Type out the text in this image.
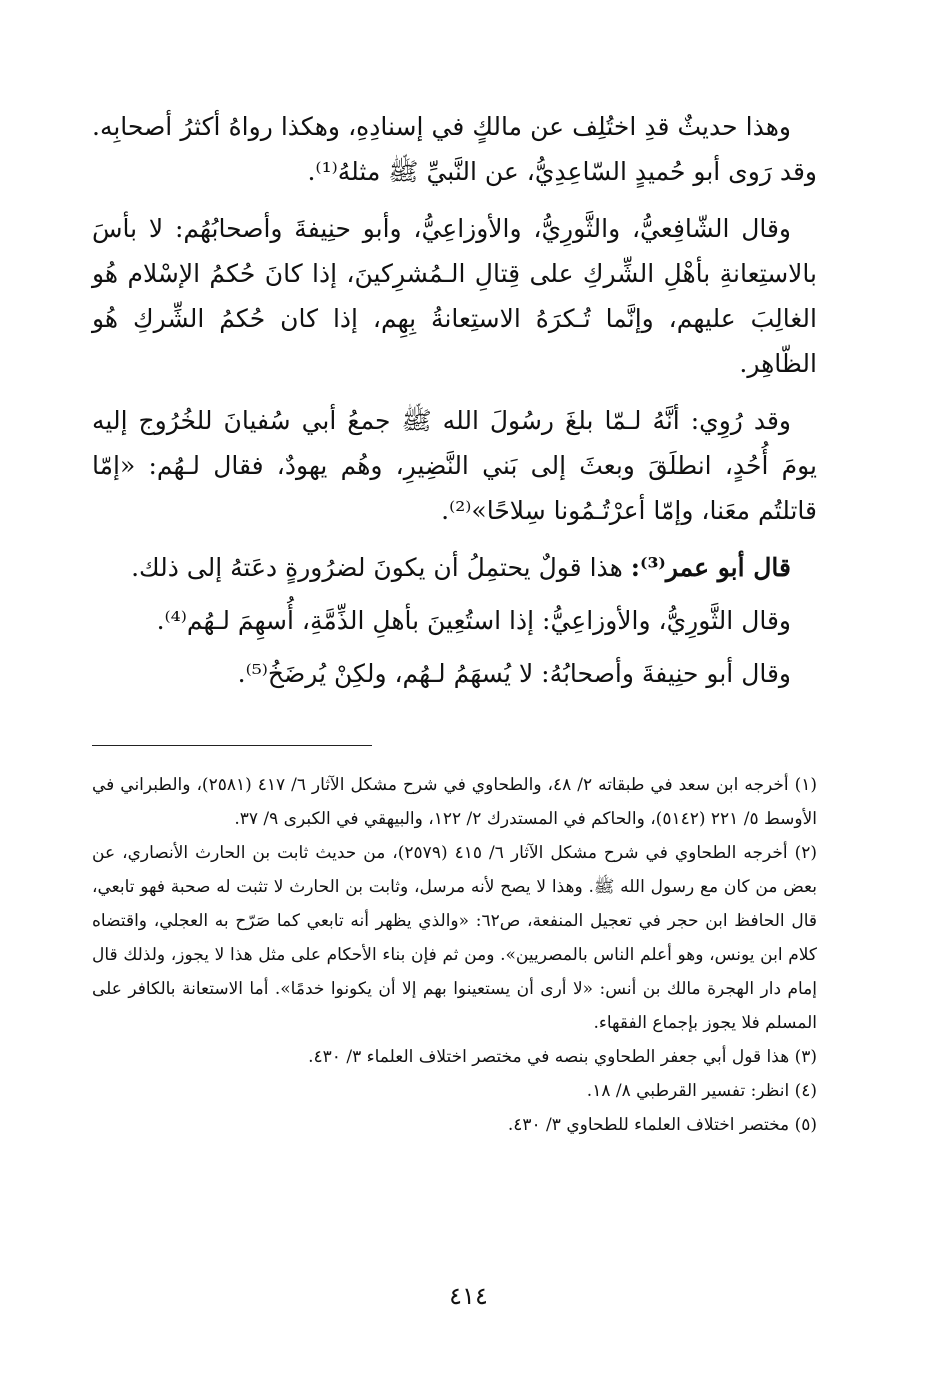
وهذا حديثٌ قدِ اختُلِف عن مالكٍ في إسنادِهِ، وهكذا رواهُ أكثرُ أصحابِه. وقد رَوى أبو حُميدٍ السّاعِدِيُّ، عن النَّبيِّ ﷺ مثلهُ⁽¹⁾.

وقال الشّافِعيُّ، والثَّورِيُّ، والأوزاعِيُّ، وأبو حنِيفةَ وأصحابُهُم: لا بأسَ بالاستِعانةِ بأهْلِ الشِّركِ على قِتالِ الـمُشرِكينَ، إذا كانَ حُكمُ الإسْلام هُو الغالِبَ عليهم، وإنَّما تُـكرَهُ الاستِعانةُ بِهِم، إذا كان حُكمُ الشِّركِ هُو الظّاهِر.

وقد رُوِي: أنَّهُ لـمّا بلغَ رسُولَ الله ﷺ جمعُ أبي سُفيانَ للخُرُوج إليه يومَ أُحُدٍ، انطلَقَ وبعثَ إلى بَني النَّضِيرِ، وهُم يهودٌ، فقال لـهُم: «إمّا قاتلتُم معَنا، وإمّا أعرْتُـمُونا سِلاحًا»⁽²⁾.

قال أبو عمر⁽³⁾: هذا قولٌ يحتمِلُ أن يكونَ لضرُورةٍ دعَتهُ إلى ذلك.

وقال الثَّورِيُّ، والأوزاعِيُّ: إذا استُعِينَ بأهلِ الذِّمَّةِ، أُسهِمَ لـهُم⁽⁴⁾.

وقال أبو حنِيفةَ وأصحابُهُ: لا يُسهَمُ لـهُم، ولكِنْ يُرضَخُ⁽⁵⁾.

(١) أخرجه ابن سعد في طبقاته ٢/ ٤٨، والطحاوي في شرح مشكل الآثار ٦/ ٤١٧ (٢٥٨١)، والطبراني في الأوسط ٥/ ٢٢١ (٥١٤٢)، والحاكم في المستدرك ٢/ ١٢٢، والبيهقي في الكبرى ٩/ ٣٧.

(٢) أخرجه الطحاوي في شرح مشكل الآثار ٦/ ٤١٥ (٢٥٧٩)، من حديث ثابت بن الحارث الأنصاري، عن بعض من كان مع رسول الله ﷺ. وهذا لا يصح لأنه مرسل، وثابت بن الحارث لا تثبت له صحبة فهو تابعي، قال الحافظ ابن حجر في تعجيل المنفعة، ص٦٢: «والذي يظهر أنه تابعي كما صَرّح به العجلي، واقتضاه كلام ابن يونس، وهو أعلم الناس بالمصريين». ومن ثم فإن بناء الأحكام على مثل هذا لا يجوز، ولذلك قال إمام دار الهجرة مالك بن أنس: «لا أرى أن يستعينوا بهم إلا أن يكونوا خدمًا». أما الاستعانة بالكافر على المسلم فلا يجوز بإجماع الفقهاء.

(٣) هذا قول أبي جعفر الطحاوي بنصه في مختصر اختلاف العلماء ٣/ ٤٣٠.

(٤) انظر: تفسير القرطبي ٨/ ١٨.

(٥) مختصر اختلاف العلماء للطحاوي ٣/ ٤٣٠.

٤١٤
